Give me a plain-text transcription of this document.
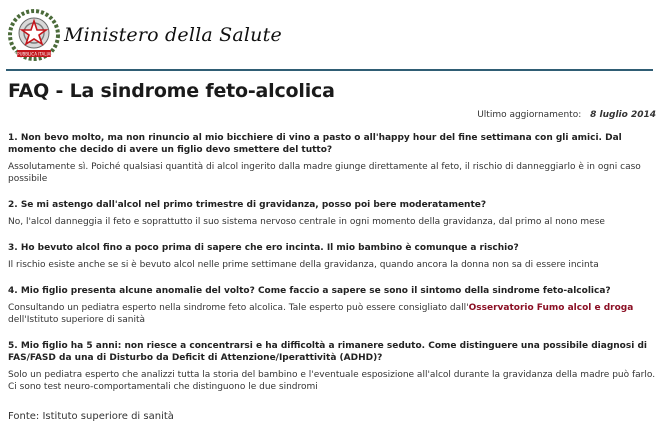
REPUBBLICA ITALIANA
Ministero della Salute
FAQ - La sindrome feto-alcolica
Ultimo aggiornamento: 8 luglio 2014

1. Non bevo molto, ma non rinuncio al mio bicchiere di vino a pasto o all'happy hour del fine settimana con gli amici. Dal momento che decido di avere un figlio devo smettere del tutto?

Assolutamente sì. Poiché qualsiasi quantità di alcol ingerito dalla madre giunge direttamente al feto, il rischio di danneggiarlo è in ogni caso possibile

2. Se mi astengo dall'alcol nel primo trimestre di gravidanza, posso poi bere moderatamente?

No, l'alcol danneggia il feto e soprattutto il suo sistema nervoso centrale in ogni momento della gravidanza, dal primo al nono mese

3. Ho bevuto alcol fino a poco prima di sapere che ero incinta. Il mio bambino è comunque a rischio?

Il rischio esiste anche se si è bevuto alcol nelle prime settimane della gravidanza, quando ancora la donna non sa di essere incinta

4. Mio figlio presenta alcune anomalie del volto? Come faccio a sapere se sono il sintomo della sindrome feto-alcolica?

Consultando un pediatra esperto nella sindrome feto alcolica. Tale esperto può essere consigliato dall'Osservatorio Fumo alcol e droga dell'Istituto superiore di sanità

5. Mio figlio ha 5 anni: non riesce a concentrarsi e ha difficoltà a rimanere seduto. Come distinguere una possibile diagnosi di FAS/FASD da una di Disturbo da Deficit di Attenzione/Iperattività (ADHD)?

Solo un pediatra esperto che analizzi tutta la storia del bambino e l'eventuale esposizione all'alcol durante la gravidanza della madre può farlo. Ci sono test neuro-comportamentali che distinguono le due sindromi

Fonte: Istituto superiore di sanità
